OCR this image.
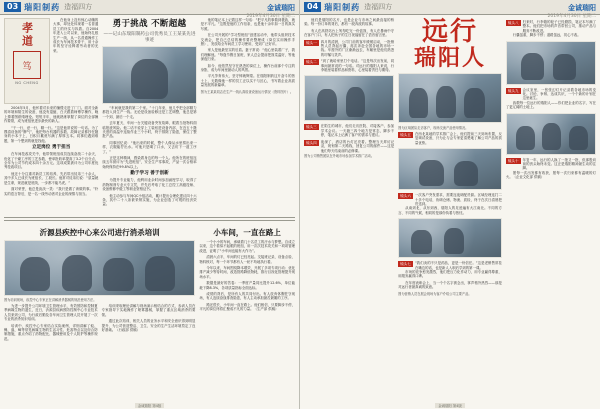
03 瑞阳制药 造福四方	金诚瑞阳
2019年4月30日 星期二
孝道
笃
NG CHENG
在他身上没有惊心动魄的大事，却处处体现着一名普通员工的朴实与执着。自2004年进入公司以来，他始终扎根生产一线，从一名普通操作工成长为车间技术骨干，用十余年的坚守诠释着劳动者的光荣。
2004年5月，他怀着对未来的憧憬走进了厂门。面对全新的环境和陌生的设备，他没有退缩，白天跟着师傅学操作，晚上捧着图纸啃理论。短短半年，他就熟练掌握了岗位的全部操作要领，成为班组里进步最快的新人。
“干一行，爱一行，精一行。”这是他常说的一句话。为了摸清设备的“脾气”，他把每台机器的参数、故障记录都抄在随身的小本子上，日积月累竟写满了厚厚五本。同事们遇到难题，第一个想到的就是找他。
立足岗位 勇于担当
在车间技改攻关中，他带领班组成员连续奋战二十余天，优化了干燥工序的工艺参数，使单批收率提高了3.2个百分点，全年为公司节约成本四十余万元。这项成果被评为公司年度优秀技改项目。
他还十分注重对新员工的培养，先后带出徒弟三十余人，其中多人已成长为班组长、工段长。他常对徒弟们说：“质量就是生命，规范就是底线，一步都不能马虎。”
面对荣誉，他总是淡淡一笑：“我只是做了该做的事。”朴实的语言背后，是一名一线劳动者对企业的深情与担当。
勇于挑战 不断超越
——记山东瑞阳制药公司优秀员工王某某先进事迹
“车间就是我的第二个家。”十几年来，他几乎把全部精力都投入到生产一线。无论是设备检修还是工艺调整，他总是第一个到、最后一个走。
去年夏天，车间一台关键设备突发故障，眼看当批物料面临报废风险。他二话不说穿上工装钻进设备内部，在近五十摄氏度的高温中连续作业三个小时，终于排除了隐患，保住了整批产品。
同事回忆说：“他出来的时候，整个人像从水里捞出来一样，衣服能拧出水。可他只是喝了口水，又去盯下一道工序了。”
正是这种精神，感染着身边的每一个人。他所在的班组连续五年被评为“先进班组”，安全生产零事故，产品一次合格率始终保持在99.8%以上。
勤于学习 善于创新
为提升专业能力，他利用业余时间参加函授学习，取得了药物制剂专业大专文凭，并先后考取了化工总控工高级技师、设备维修中级工等职业资格证书。
他主动参与车间QC小组活动，累计提出合理化建议四十六条，其中二十八条被采纳实施，为企业创造了可观的经济效益。
他的笔记本上记着这样一句话：“把平凡的事做到极致，就是不平凡。”这既是他的工作信条，也是他十余年如一日的真实写照。
在公司开展的“学习型班组”创建活动中，他带头组织技术交流会，把自己总结的操作要诀整理成《岗位实用操作手册》，发放给全车间员工学习使用，受到广泛好评。
家人是他最坚实的后盾。妻子常说：“他心里装着厂子，我们理解他。”每逢节假日加班，家人总会提前把饭菜温好，等他深夜归来。
如今，他依然坚守在熟悉的岗位上，操作台前那个专注的身影，成为车间里最动人的风景。
平凡孕育伟大，坚守铸就辉煌。在瑞阳制药这片奋斗的热土上，无数像他一样的员工正以实干与匠心，书写着企业高质量发展的新篇章。
图为王某某同志在生产一线认真检查设备运行情况（资料图片）。
沂源县疾控中心来公司进行消杀培训
图为培训现场，疾控中心专家正在讲解消杀器械的规范使用方法。
为进一步提升公司环境卫生管理水平，有效预防和控制夏季病媒生物的滋生，近日，沂源县疾病预防控制中心专业技术人员来到公司，为行政后勤及各车间卫生管理人员开展了一次专业的消杀知识培训。
培训中，疾控中心专家结合实际案例，详细讲解了蚊、蝇、鼠、蟑等常见病媒生物的生活习性、危害特点以及综合防制措施，重点介绍了药物配比、器械使用及个人防护等操作规范。
培训采取理论讲解与现场演示相结合的方式，参训人员在专家指导下实地操作了喷雾器械，掌握了重点区域消杀的要领。
通过此次培训，相关人员的业务水平和安全意识得到明显提升，为公司营造整洁、卫生、安全的生产生活环境奠定了良好基础。（行政部 供稿）
小车间，一直在路上
一个小小的车间，承载着几十名员工的汗水与梦想。自成立以来，这个看似不起眼的班组，用一次次技术攻关和一项项管理改进，证明了“小车间也能有大作为”。
清晨六点半，车间的灯已经亮起。交接班记录、设备点检、物料核对，每一个环节都有人一丝不苟地执行着。
今年以来，车间围绕降本增效，开展了多项专项行动：优化排产减少等待时间，改造管路降低物耗，推行目视化管理提升现场水平。
数据是最好的答卷：一季度产量同比提升12.6%，单位能耗下降8.3%，各项质量指标全面达标。
成绩的背后，是所有人的共同付出。有人放弃休假驻守现场，有人连续奋战排查隐患，有人主动承担最苦最累的工序。
路还很长，小车间一直在路上。他们相信，只要脚步不停，平凡的岗位终将汇聚成不凡的力量。（生产部 供稿）
金诚瑞阳 第4版
04 瑞阳制药 造福四方	金诚瑞阳
2019年4月30日 星期二
他们是瑞阳的名片，也是企业与市场之间最直接的桥梁。每一份订单的背后，都有一段奔波的故事。
有人在高铁站台上匆匆吃完一份盒饭，有人在暴雨中守在客户门口，有人把孩子的生日祝福留在了语音留言里。
镜头一	四月的清晨，公司门前的客车缓缓启动，一批销售人员背起行囊，再次奔赴全国各地的市场一线。车窗外的厂区渐渐远去，车厢里是他们熟悉的叮嘱与笑声。
镜头二	“到了就给家里打个电话。”这是每次出发前，同事间最常说的一句话。对远行的瑞阳人来说，行李箱里装着样品和资料，心里装着责任与期待。
镜头三	在陌生的城市，他们走访医院、对接客户、参加学术会议。一天跑三四个地方是常态，脚步不停，笔记本上记满了客户的需求与建议。
镜头四	夜深了，酒店的台灯还亮着。整理当天拜访记录，规划第二天路线，回复公司的邮件——这是他们每天结束前的必修课。
图为公司销售团队在外地市场参加学术推广活动。
远行
瑞阳人
图为区域团队走访客户，现场交流产品使用情况。
镜头五	在西北某地的学术推广会上，他们提前三天到场布置，反复调试设备，只为让与会专家更清楚地了解公司产品的质量优势。
镜头六	一次客户突发需求，需要连夜调配货源。区域经理连打二十多个电话，协调仓储、物流、质检，终于在次日清晨把货送到。
从南到北，从东到西，瑞阳人的足迹遍布大江南北。不同的方言、不同的气候，相同的是那份执着与热忱。
镜头七	“我们卖的不只是药品，更是一份信任。”这是老销售常挂在嘴边的话，也是新人入职后学到的第一课。
市场的竞争愈发激烈，他们把压力化作动力，用专业赢得尊重，用服务赢得口碑。
在年度表彰会上，当一个个名字被念出，掌声格外热烈——那是对远行者最真诚的致意。
图为营销人员在展会现场为客户介绍公司主要产品。
镜头八	归来时，行李箱的轮子已经磨损，笔记本写满了整本。他们把市场的声音带回公司，推动产品与服务不断改进。
行囊虽重，脚步不停；道路虽远，初心不改。
镜头九	会议室里，一张张幻灯片记录着各地市场的变化。讨论、争辩、达成共识，一个个新的计划在这里诞生。
致敬每一位远行的瑞阳人——你们把企业的名字，写在了更辽阔的土地上。
镜头十	年复一年，远行的人换了一批又一批，但那股向前的劲头始终未变。这正是瑞阳精神最生动的注脚。
愿每一次出发都有收获，愿每一次归来都有温暖的灯火。（企业文化部 供稿）
金诚瑞阳 第4版
